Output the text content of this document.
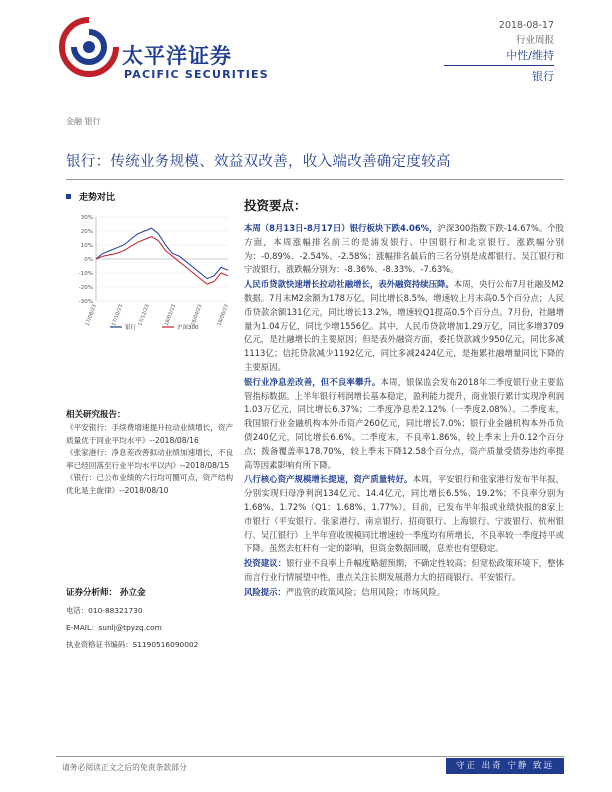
太平洋证券
PACIFIC SECURITIES
2018-08-17
行业周报
中性/维持
银行
金融 银行
银行：传统业务规模、效益双改善，收入端改善确定度较高
走势对比
30%
20%
10%
0%
-10%
-20%
-30%
17/08/23	17/10/23	17/12/23	18/02/23	18/04/23	18/06/23
银行	沪深300
相关研究报告：

《平安银行：手续费增速提升拉动业绩增长，资产质量优于同业平均水平》--2018/08/16

《张家港行：净息差改善拟动业绩加速增长，不良率已经回落至行业平均水平以内》--2018/08/15

《银行：已公布业绩的六行均可圈可点，资产结构优化是主旋律》--2018/08/10

证券分析师： 孙立金
电话：010-88321730
E-MAIL：sunlj@tpyzq.com
执业资格证书编码：S1190516090002
投资要点：

本周（8月13日-8月17日）银行板块下跌4.06%，沪深300指数下跌-14.67%。个股方面，本周涨幅排名前三的是浦发银行、中国银行和北京银行，涨跌幅分别为：-0.89%、-2.54%、-2.58%；涨幅排名最后的三名分别是成都银行、吴江银行和宁波银行，涨跌幅分别为：-8.36%、-8.33%、-7.63%。

人民币贷款快速增长拉动社融增长，表外融资持续压降。本周，央行公布7月社融及M2数据。7月末M2余额为178万亿，同比增长8.5%，增速较上月末高0.5个百分点；人民币贷款余额131亿元，同比增长13.2%，增速较Q1提高0.5个百分点。7月份，社融增量为1.04万亿，同比少增1556亿。其中，人民币贷款增加1.29万亿，同比多增3709亿元，是社融增长的主要原因；但是表外融资方面，委托贷款减少950亿元，同比多减1113亿；信托贷款减少1192亿元，同比多减2424亿元，是拖累社融增量同比下降的主要原因。

银行业净息差改善，但不良率攀升。本周，银保监会发布2018年二季度银行业主要监管指标数据。上半年银行利润增长基本稳定，盈利能力提升，商业银行累计实现净利润1.03万亿元，同比增长6.37%；二季度净息差2.12%（一季度2.08%）。二季度末，我国银行业金融机构本外币资产260亿元，同比增长7.0%；银行业金融机构本外币负债240亿元，同比增长6.6%。二季度末，不良率1.86%，较上季末上升0.12个百分点；拨备覆盖率178.70%，较上季末下降12.58个百分点，资产质量受债券违约率提高等因素影响有所下降。

八行核心资产规模增长提速，资产质量转好。本周，平安银行和张家港行发布半年报，分别实现归母净利润134亿元、14.4亿元，同比增长6.5%、19.2%；不良率分别为1.68%、1.72%（Q1：1.68%、1.77%）。目前，已发布半年报或业绩快报的8家上市银行（平安银行、张家港行、南京银行、招商银行、上海银行、宁波银行、杭州银行、吴江银行）上半年营收规模同比增速较一季度均有所增长，不良率较一季度持平或下降。虽然去杠杆有一定的影响，但资金数据回暖，息差也有望稳定。

投资建议：银行业不良率上升幅度略超预期，不确定性较高；但宽松政策环境下，整体而言行业行情展望中性，重点关注长期发展潜力大的招商银行、平安银行。

风险提示：严监管的政策风险；信用风险；市场风险。

请务必阅读正文之后的免责条款部分	守正 出奇 宁静 致远
